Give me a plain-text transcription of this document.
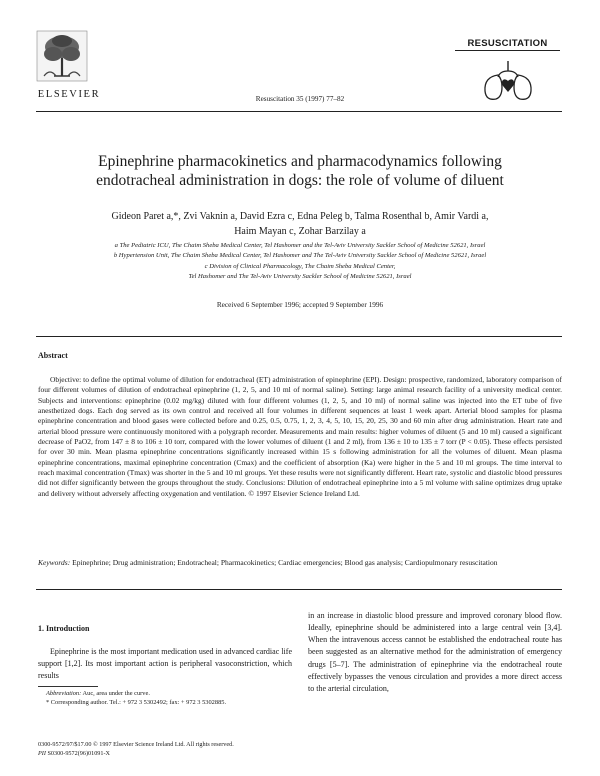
ELSEVIER	Resuscitation 35 (1997) 77–82
RESUSCITATION
Epinephrine pharmacokinetics and pharmacodynamics following
endotracheal administration in dogs: the role of volume of diluent
Gideon Paret a,*, Zvi Vaknin a, David Ezra c, Edna Peleg b, Talma Rosenthal b, Amir Vardi a,
Haim Mayan c, Zohar Barzilay a
a The Pediatric ICU, The Chaim Sheba Medical Center, Tel Hashomer and the Tel-Aviv University Sackler School of Medicine 52621, Israel
b Hypertension Unit, The Chaim Sheba Medical Center, Tel Hashomer and The Tel-Aviv University Sackler School of Medicine 52621, Israel
c Division of Clinical Pharmacology, The Chaim Sheba Medical Center,
Tel Hashomer and The Tel-Aviv University Sackler School of Medicine 52621, Israel
Received 6 September 1996; accepted 9 September 1996
Abstract

Objective: to define the optimal volume of dilution for endotracheal (ET) administration of epinephrine (EPI). Design: prospective, randomized, laboratory comparison of four different volumes of dilution of endotracheal epinephrine (1, 2, 5, and 10 ml of normal saline). Setting: large animal research facility of a university medical center. Subjects and interventions: epinephrine (0.02 mg/kg) diluted with four different volumes (1, 2, 5, and 10 ml) of normal saline was injected into the ET tube of five anesthetized dogs. Each dog served as its own control and received all four volumes in different sequences at least 1 week apart. Arterial blood samples for plasma epinephrine concentration and blood gases were collected before and 0.25, 0.5, 0.75, 1, 2, 3, 4, 5, 10, 15, 20, 25, 30 and 60 min after drug administration. Heart rate and arterial blood pressure were continuously monitored with a polygraph recorder. Measurements and main results: higher volumes of diluent (5 and 10 ml) caused a significant decrease of PaO2, from 147 ± 8 to 106 ± 10 torr, compared with the lower volumes of diluent (1 and 2 ml), from 136 ± 10 to 135 ± 7 torr (P < 0.05). These effects persisted for over 30 min. Mean plasma epinephrine concentrations significantly increased within 15 s following administration for all the volumes of diluent. Mean plasma epinephrine concentrations, maximal epinephrine concentration (Cmax) and the coefficient of absorption (Ka) were higher in the 5 and 10 ml groups. The time interval to reach maximal concentration (Tmax) was shorter in the 5 and 10 ml groups. Yet these results were not significantly different. Heart rate, systolic and diastolic blood pressures did not differ significantly between the groups throughout the study. Conclusions: Dilution of endotracheal epinephrine into a 5 ml volume with saline optimizes drug uptake and delivery without adversely affecting oxygenation and ventilation. © 1997 Elsevier Science Ireland Ltd.

Keywords: Epinephrine; Drug administration; Endotracheal; Pharmacokinetics; Cardiac emergencies; Blood gas analysis; Cardiopulmonary resuscitation
1. Introduction

Epinephrine is the most important medication used in advanced cardiac life support [1,2]. Its most important action is peripheral vasoconstriction, which results

in an increase in diastolic blood pressure and improved coronary blood flow. Ideally, epinephrine should be administered into a large central vein [3,4]. When the intravenous access cannot be established the endotracheal route has been suggested as an alternative method for the administration of emergency drugs [5–7]. The administration of epinephrine via the endotracheal route effectively bypasses the venous circulation and provides a more direct access to the arterial circulation,

Abbreviation: Auc, area under the curve.
* Corresponding author. Tel.: + 972 3 5302492; fax: + 972 3 5302885.
0300-9572/97/$17.00 © 1997 Elsevier Science Ireland Ltd. All rights reserved.
PII S0300-9572(96)01091-X
